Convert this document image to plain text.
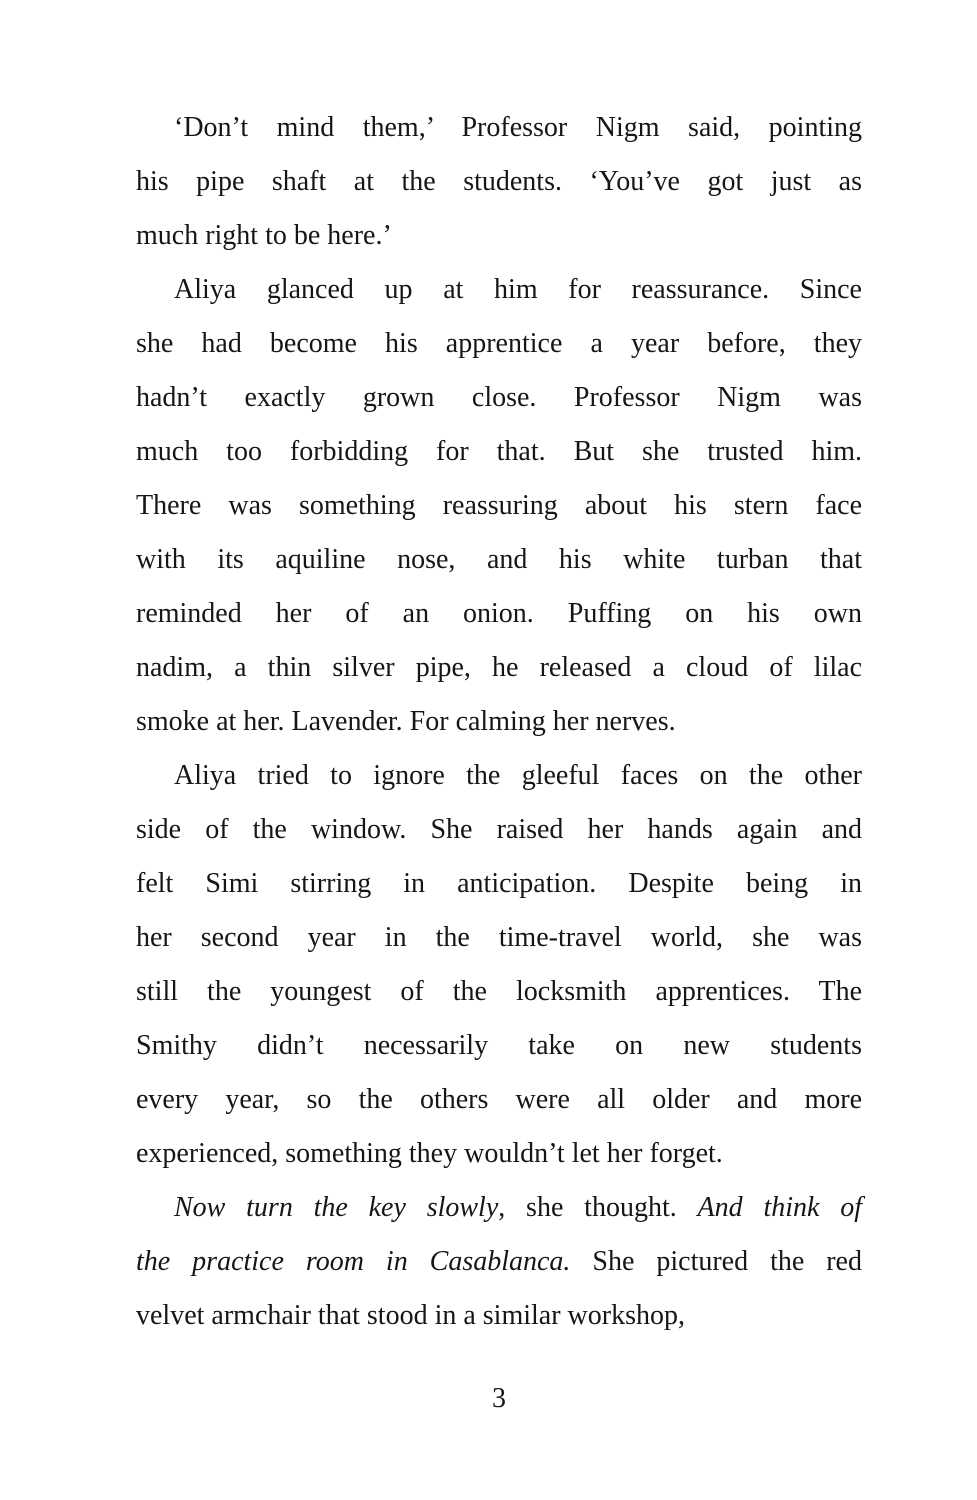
‘Don’t mind them,’ Professor Nigm said, pointing
his pipe shaft at the students. ‘You’ve got just as
much right to be here.’
Aliya glanced up at him for reassurance. Since
she had become his apprentice a year before, they
hadn’t exactly grown close. Professor Nigm was
much too forbidding for that. But she trusted him.
There was something reassuring about his stern face
with its aquiline nose, and his white turban that
reminded her of an onion. Puffing on his own
nadim, a thin silver pipe, he released a cloud of lilac
smoke at her. Lavender. For calming her nerves.
Aliya tried to ignore the gleeful faces on the other
side of the window. She raised her hands again and
felt Simi stirring in anticipation. Despite being in
her second year in the time-travel world, she was
still the youngest of the locksmith apprentices. The
Smithy didn’t necessarily take on new students
every year, so the others were all older and more
experienced, something they wouldn’t let her forget.
Now turn the key slowly, she thought. And think of
the practice room in Casablanca. She pictured the red
velvet armchair that stood in a similar workshop,
3
